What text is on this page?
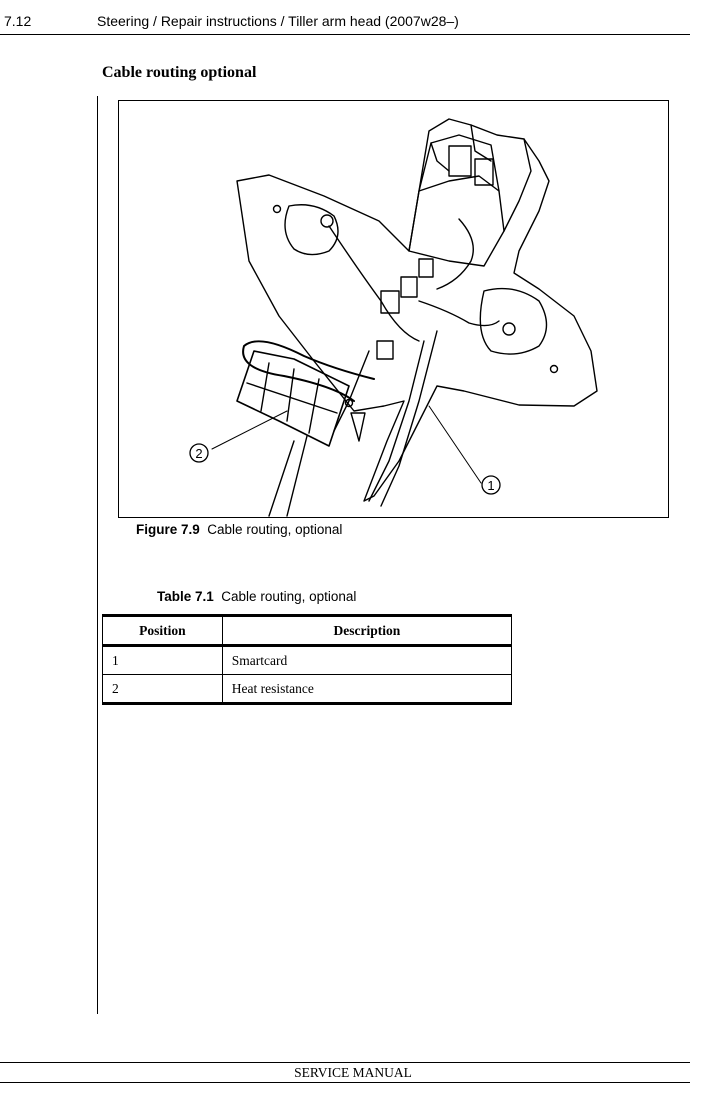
7.12	Steering / Repair instructions / Tiller arm head (2007w28–)
Cable routing optional
1
2
Figure 7.9 Cable routing, optional
Table 7.1 Cable routing, optional
Position	Description
1	Smartcard
2	Heat resistance
SERVICE MANUAL
